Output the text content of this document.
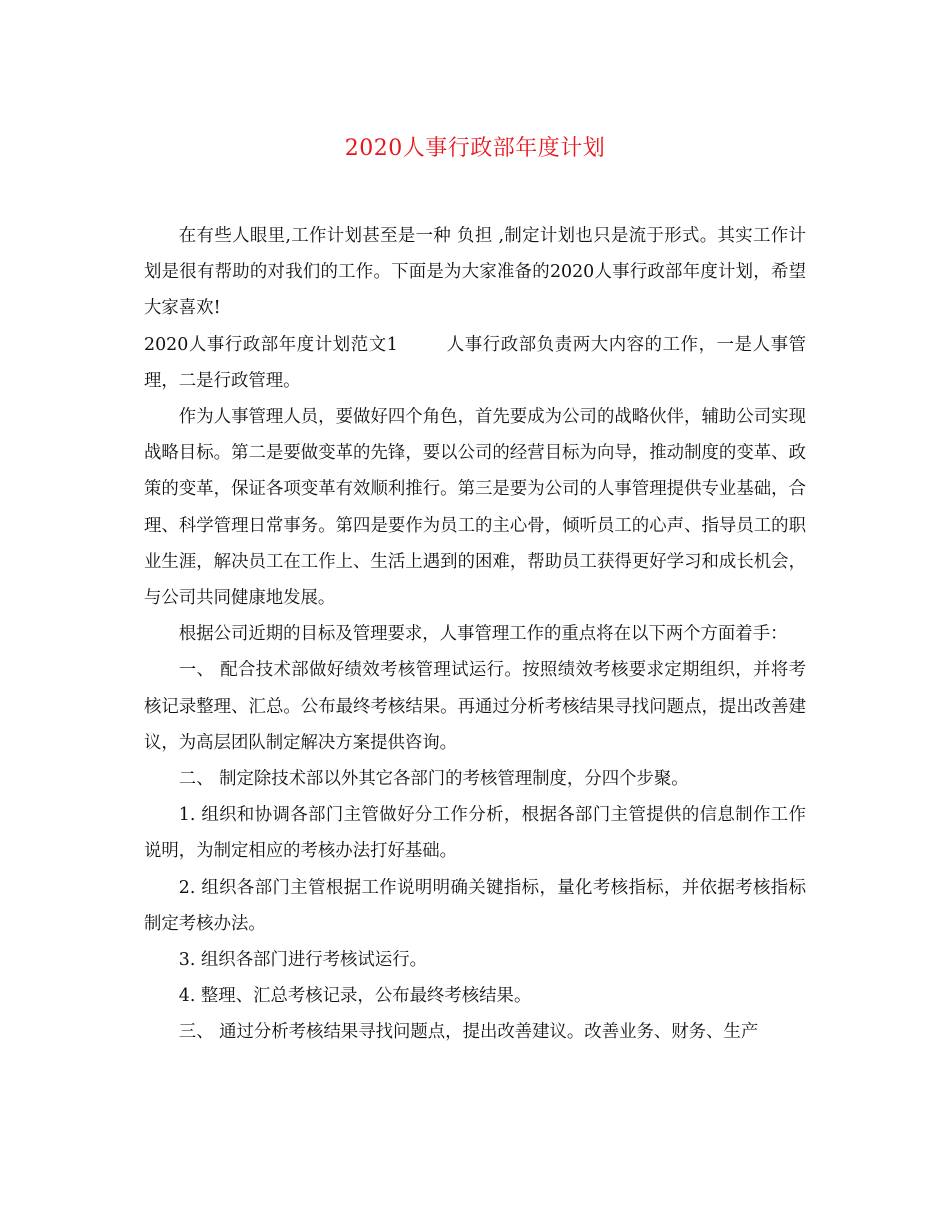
2020人事行政部年度计划

在有些人眼里,工作计划甚至是一种 负担 ,制定计划也只是流于形式。其实工作计划是很有帮助的对我们的工作。下面是为大家准备的2020人事行政部年度计划，希望大家喜欢!

2020人事行政部年度计划范文1        人事行政部负责两大内容的工作，一是人事管理，二是行政管理。

作为人事管理人员，要做好四个角色，首先要成为公司的战略伙伴，辅助公司实现战略目标。第二是要做变革的先锋，要以公司的经营目标为向导，推动制度的变革、政策的变革，保证各项变革有效顺利推行。第三是要为公司的人事管理提供专业基础，合理、科学管理日常事务。第四是要作为员工的主心骨，倾听员工的心声、指导员工的职业生涯，解决员工在工作上、生活上遇到的困难，帮助员工获得更好学习和成长机会，与公司共同健康地发展。

根据公司近期的目标及管理要求，人事管理工作的重点将在以下两个方面着手：

一、 配合技术部做好绩效考核管理试运行。按照绩效考核要求定期组织，并将考核记录整理、汇总。公布最终考核结果。再通过分析考核结果寻找问题点，提出改善建议，为高层团队制定解决方案提供咨询。

二、 制定除技术部以外其它各部门的考核管理制度，分四个步聚。

1. 组织和协调各部门主管做好分工作分析，根据各部门主管提供的信息制作工作说明，为制定相应的考核办法打好基础。

2. 组织各部门主管根据工作说明明确关键指标，量化考核指标，并依据考核指标制定考核办法。

3. 组织各部门进行考核试运行。

4. 整理、汇总考核记录，公布最终考核结果。

三、 通过分析考核结果寻找问题点，提出改善建议。改善业务、财务、生产
